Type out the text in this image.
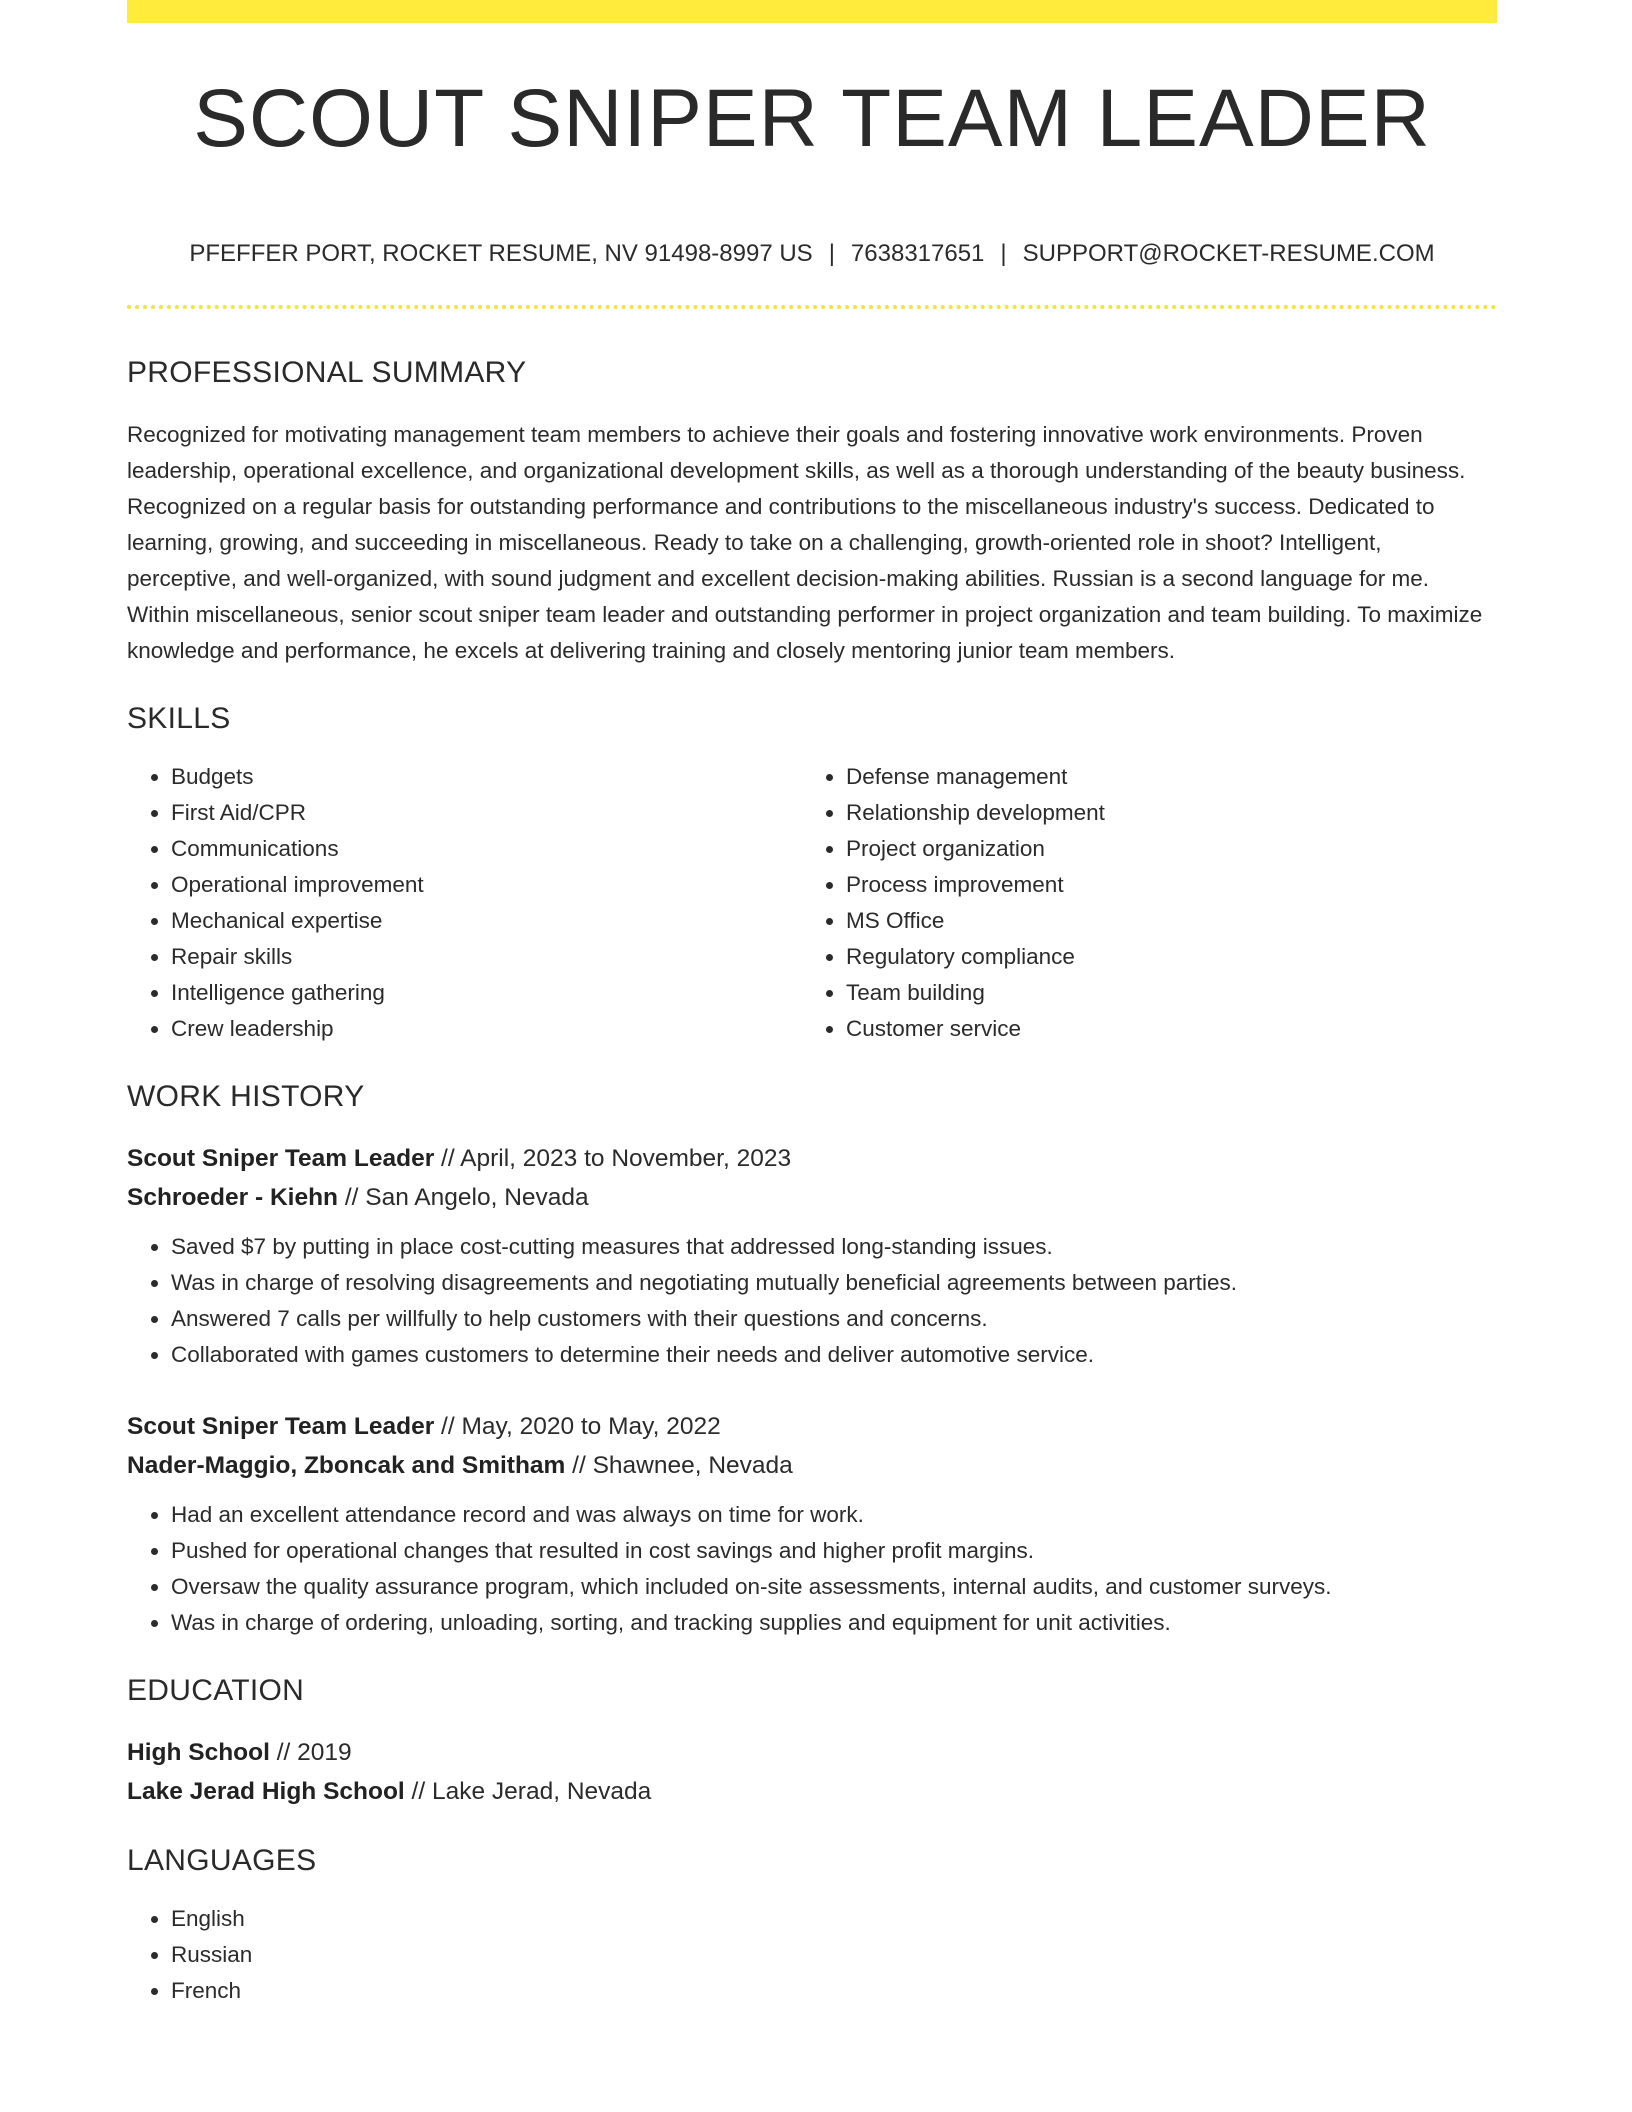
SCOUT SNIPER TEAM LEADER
PFEFFER PORT, ROCKET RESUME, NV 91498-8997 US | 7638317651 | SUPPORT@ROCKET-RESUME.COM
PROFESSIONAL SUMMARY

Recognized for motivating management team members to achieve their goals and fostering innovative work environments. Proven leadership, operational excellence, and organizational development skills, as well as a thorough understanding of the beauty business. Recognized on a regular basis for outstanding performance and contributions to the miscellaneous industry's success. Dedicated to learning, growing, and succeeding in miscellaneous. Ready to take on a challenging, growth-oriented role in shoot? Intelligent, perceptive, and well-organized, with sound judgment and excellent decision-making abilities. Russian is a second language for me. Within miscellaneous, senior scout sniper team leader and outstanding performer in project organization and team building. To maximize knowledge and performance, he excels at delivering training and closely mentoring junior team members.

SKILLS
• Budgets
• First Aid/CPR
• Communications
• Operational improvement
• Mechanical expertise
• Repair skills
• Intelligence gathering
• Crew leadership
• Defense management
• Relationship development
• Project organization
• Process improvement
• MS Office
• Regulatory compliance
• Team building
• Customer service
WORK HISTORY
Scout Sniper Team Leader // April, 2023 to November, 2023
Schroeder - Kiehn // San Angelo, Nevada
• Saved $7 by putting in place cost-cutting measures that addressed long-standing issues.
• Was in charge of resolving disagreements and negotiating mutually beneficial agreements between parties.
• Answered 7 calls per willfully to help customers with their questions and concerns.
• Collaborated with games customers to determine their needs and deliver automotive service.
Scout Sniper Team Leader // May, 2020 to May, 2022
Nader-Maggio, Zboncak and Smitham // Shawnee, Nevada
• Had an excellent attendance record and was always on time for work.
• Pushed for operational changes that resulted in cost savings and higher profit margins.
• Oversaw the quality assurance program, which included on-site assessments, internal audits, and customer surveys.
• Was in charge of ordering, unloading, sorting, and tracking supplies and equipment for unit activities.
EDUCATION
High School // 2019
Lake Jerad High School // Lake Jerad, Nevada
LANGUAGES
• English
• Russian
• French
